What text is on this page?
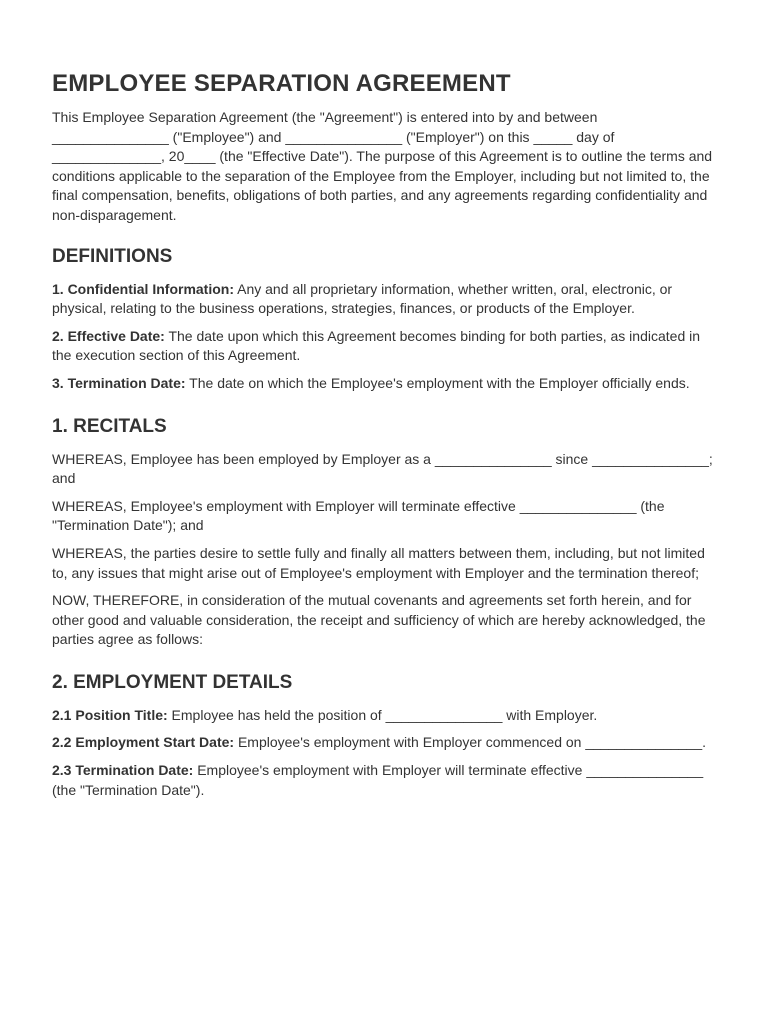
EMPLOYEE SEPARATION AGREEMENT

This Employee Separation Agreement (the "Agreement") is entered into by and between _______________ ("Employee") and _______________ ("Employer") on this _____ day of ______________, 20____ (the "Effective Date"). The purpose of this Agreement is to outline the terms and conditions applicable to the separation of the Employee from the Employer, including but not limited to, the final compensation, benefits, obligations of both parties, and any agreements regarding confidentiality and non-disparagement.

DEFINITIONS

1. Confidential Information: Any and all proprietary information, whether written, oral, electronic, or physical, relating to the business operations, strategies, finances, or products of the Employer.

2. Effective Date: The date upon which this Agreement becomes binding for both parties, as indicated in the execution section of this Agreement.

3. Termination Date: The date on which the Employee's employment with the Employer officially ends.

1. RECITALS

WHEREAS, Employee has been employed by Employer as a _______________ since _______________; and

WHEREAS, Employee's employment with Employer will terminate effective _______________ (the "Termination Date"); and

WHEREAS, the parties desire to settle fully and finally all matters between them, including, but not limited to, any issues that might arise out of Employee's employment with Employer and the termination thereof;

NOW, THEREFORE, in consideration of the mutual covenants and agreements set forth herein, and for other good and valuable consideration, the receipt and sufficiency of which are hereby acknowledged, the parties agree as follows:

2. EMPLOYMENT DETAILS

2.1 Position Title: Employee has held the position of _______________ with Employer.

2.2 Employment Start Date: Employee's employment with Employer commenced on _______________.

2.3 Termination Date: Employee's employment with Employer will terminate effective _______________ (the "Termination Date").
